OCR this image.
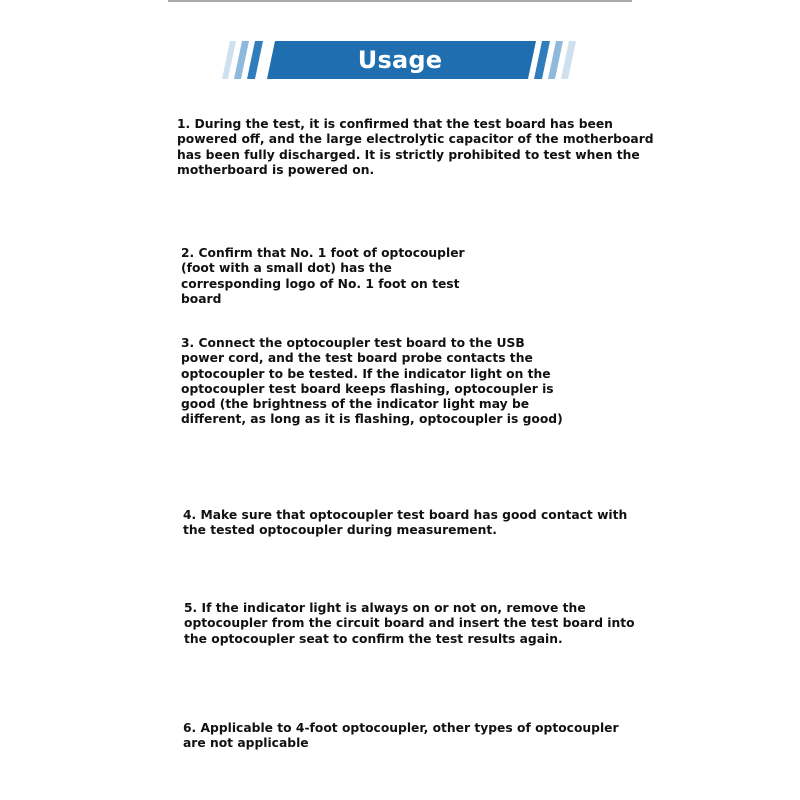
Usage

1. During the test, it is confirmed that the test board has been powered off, and the large electrolytic capacitor of the motherboard has been fully discharged. It is strictly prohibited to test when the motherboard is powered on.

2. Confirm that No. 1 foot of optocoupler (foot with a small dot) has the corresponding logo of No. 1 foot on test board

3. Connect the optocoupler test board to the USB power cord, and the test board probe contacts the optocoupler to be tested. If the indicator light on the optocoupler test board keeps flashing, optocoupler is good (the brightness of the indicator light may be different, as long as it is flashing, optocoupler is good)

4. Make sure that optocoupler test board has good contact with the tested optocoupler during measurement.

5. If the indicator light is always on or not on, remove the optocoupler from the circuit board and insert the test board into the optocoupler seat to confirm the test results again.

6. Applicable to 4-foot optocoupler, other types of optocoupler are not applicable
